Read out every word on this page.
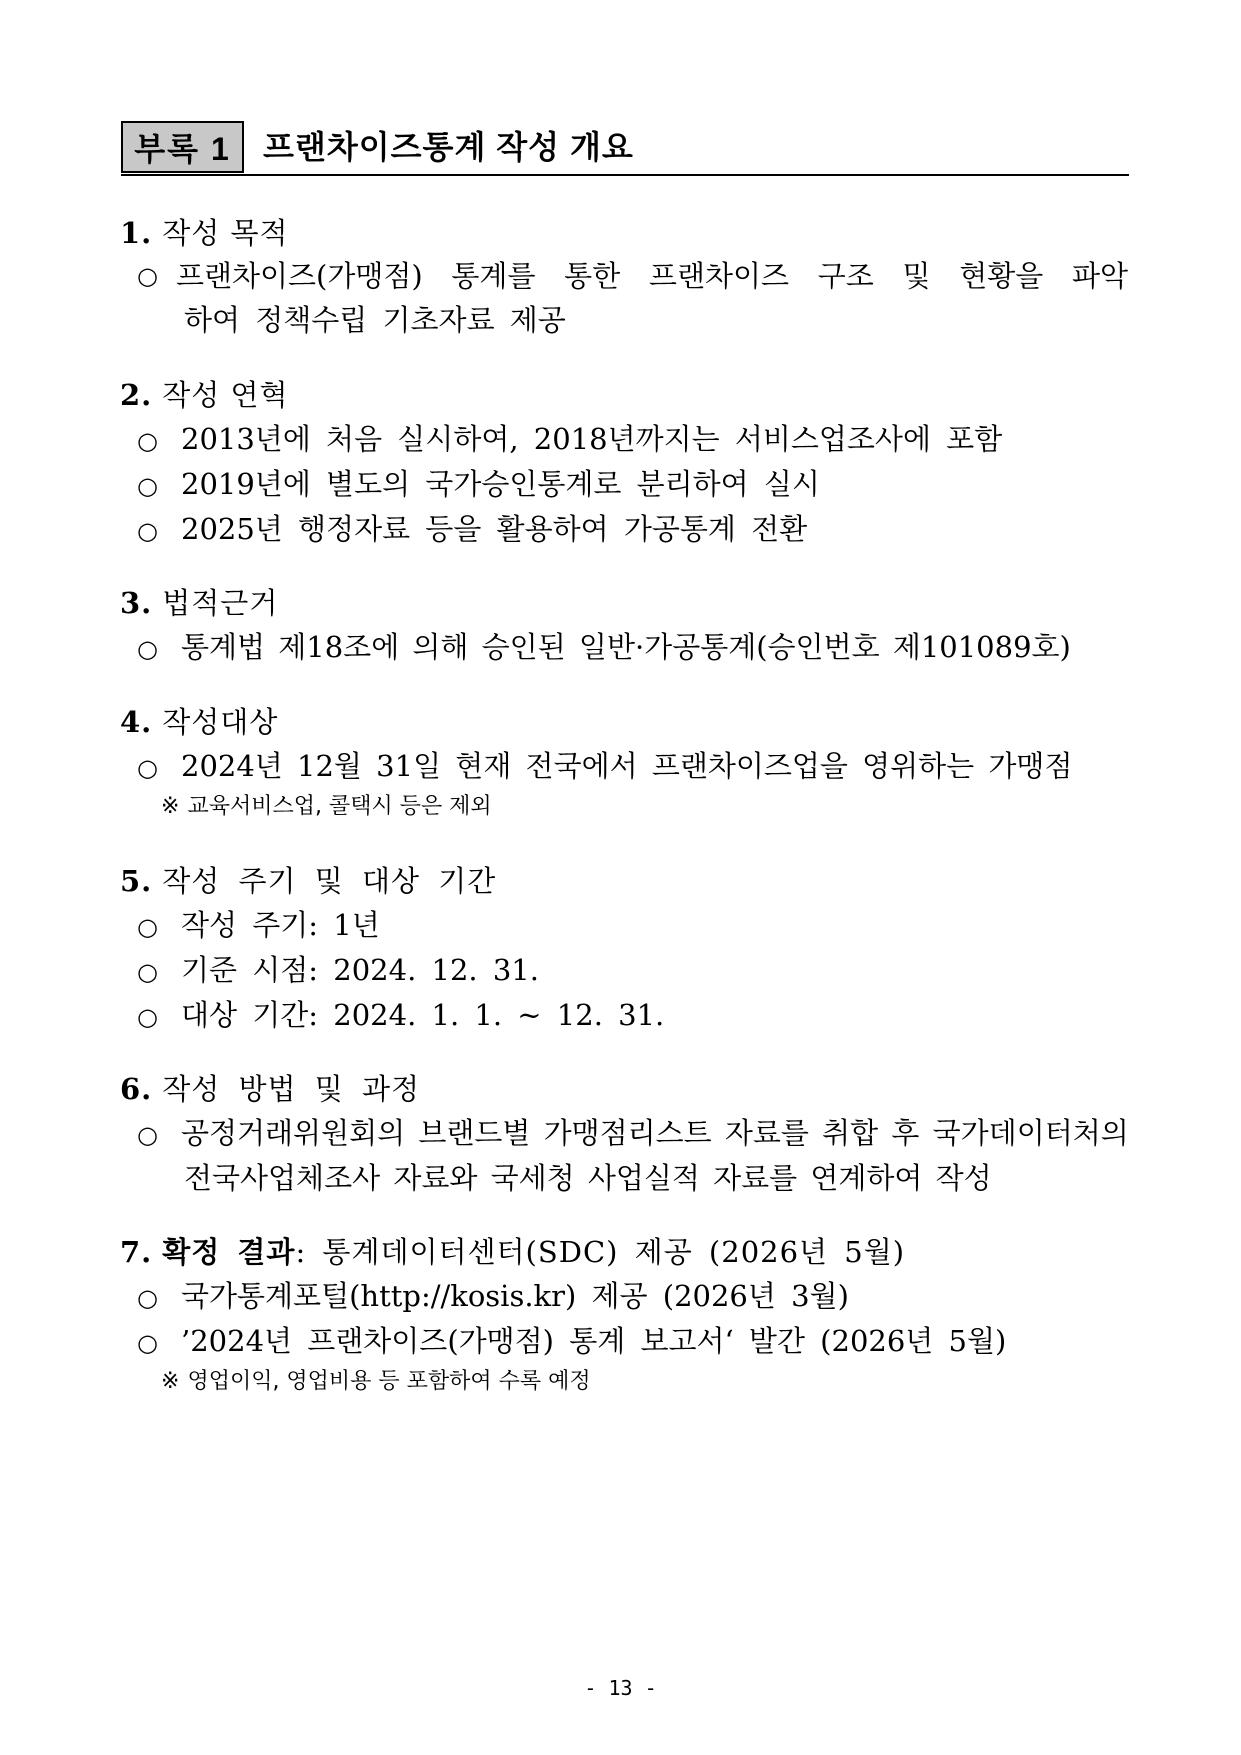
부록 1	프랜차이즈통계 작성 개요
1. 작성 목적
○ 프랜차이즈(가맹점) 통계를 통한 프랜차이즈 구조 및 현황을 파악
하여 정책수립 기초자료 제공
2. 작성 연혁
○ 2013년에 처음 실시하여, 2018년까지는 서비스업조사에 포함
○ 2019년에 별도의 국가승인통계로 분리하여 실시
○ 2025년 행정자료 등을 활용하여 가공통계 전환
3. 법적근거
○ 통계법 제18조에 의해 승인된 일반·가공통계(승인번호 제101089호)
4. 작성대상
○ 2024년 12월 31일 현재 전국에서 프랜차이즈업을 영위하는 가맹점
※ 교육서비스업, 콜택시 등은 제외
5. 작성 주기 및 대상 기간
○ 작성 주기: 1년
○ 기준 시점: 2024. 12. 31.
○ 대상 기간: 2024. 1. 1. ~ 12. 31.
6. 작성 방법 및 과정
○ 공정거래위원회의 브랜드별 가맹점리스트 자료를 취합 후 국가데이터처의
전국사업체조사 자료와 국세청 사업실적 자료를 연계하여 작성
7. 확정 결과: 통계데이터센터(SDC) 제공 (2026년 5월)
○ 국가통계포털(http://kosis.kr) 제공 (2026년 3월)
○ ’2024년 프랜차이즈(가맹점) 통계 보고서‘ 발간 (2026년 5월)
※ 영업이익, 영업비용 등 포함하여 수록 예정
- 13 -
